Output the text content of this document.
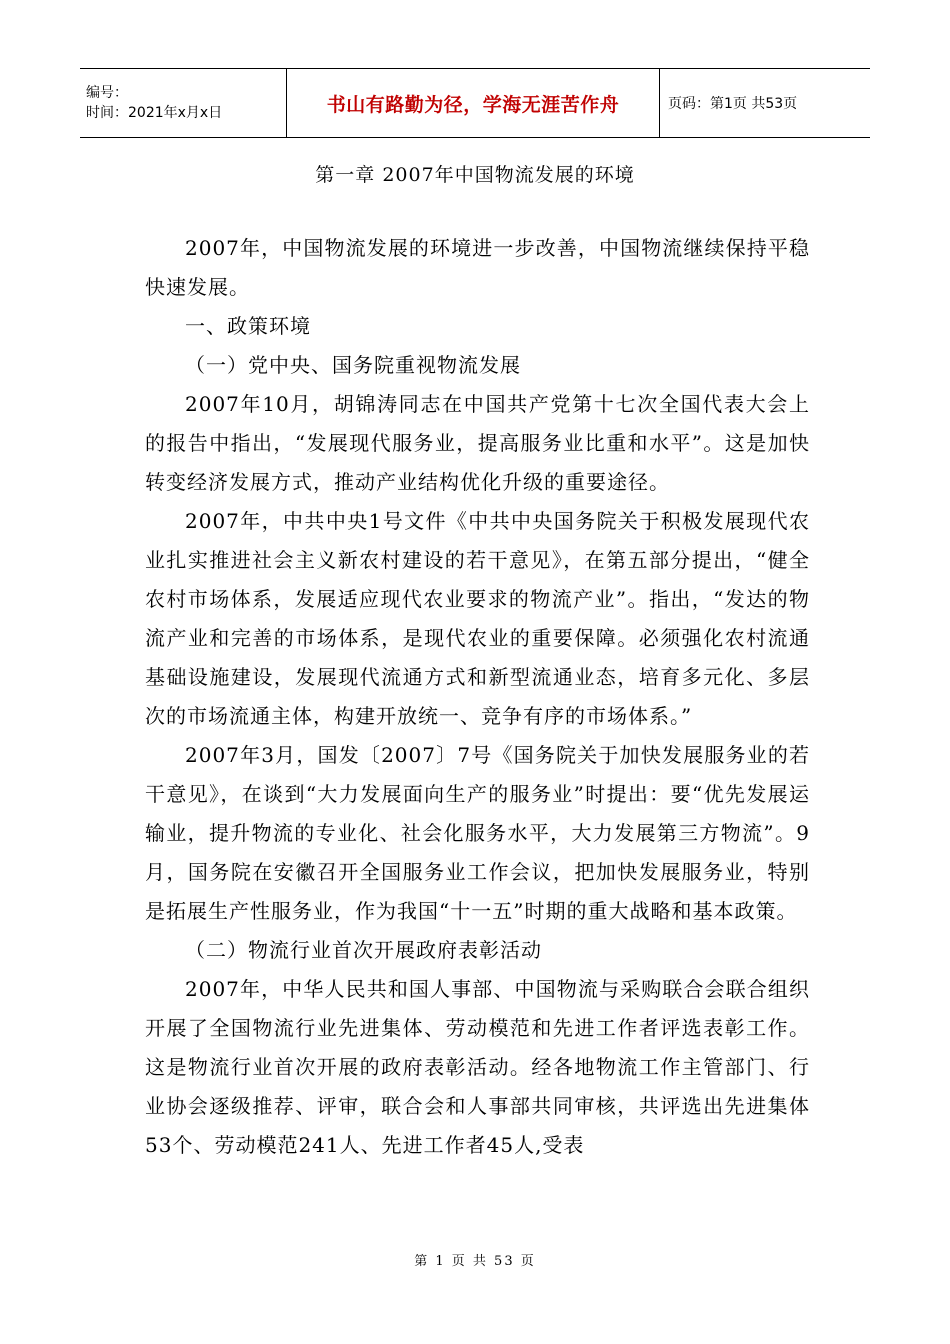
编号：
时间：2021年x月x日	书山有路勤为径，学海无涯苦作舟	页码：第1页 共53页
第一章 2007年中国物流发展的环境

2007年，中国物流发展的环境进一步改善，中国物流继续保持平稳快速发展。

一、政策环境

（一）党中央、国务院重视物流发展

2007年10月，胡锦涛同志在中国共产党第十七次全国代表大会上的报告中指出，“发展现代服务业，提高服务业比重和水平”。这是加快转变经济发展方式，推动产业结构优化升级的重要途径。

2007年，中共中央1号文件《中共中央国务院关于积极发展现代农业扎实推进社会主义新农村建设的若干意见》，在第五部分提出，“健全农村市场体系，发展适应现代农业要求的物流产业”。指出，“发达的物流产业和完善的市场体系，是现代农业的重要保障。必须强化农村流通基础设施建设，发展现代流通方式和新型流通业态，培育多元化、多层次的市场流通主体，构建开放统一、竞争有序的市场体系。”

2007年3月，国发〔2007〕7号《国务院关于加快发展服务业的若干意见》，在谈到“大力发展面向生产的服务业”时提出：要“优先发展运输业，提升物流的专业化、社会化服务水平，大力发展第三方物流”。9月，国务院在安徽召开全国服务业工作会议，把加快发展服务业，特别是拓展生产性服务业，作为我国“十一五”时期的重大战略和基本政策。

（二）物流行业首次开展政府表彰活动

2007年，中华人民共和国人事部、中国物流与采购联合会联合组织开展了全国物流行业先进集体、劳动模范和先进工作者评选表彰工作。这是物流行业首次开展的政府表彰活动。经各地物流工作主管部门、行业协会逐级推荐、评审，联合会和人事部共同审核，共评选出先进集体53个、劳动模范241人、先进工作者45人,受表

第 1 页 共 53 页
